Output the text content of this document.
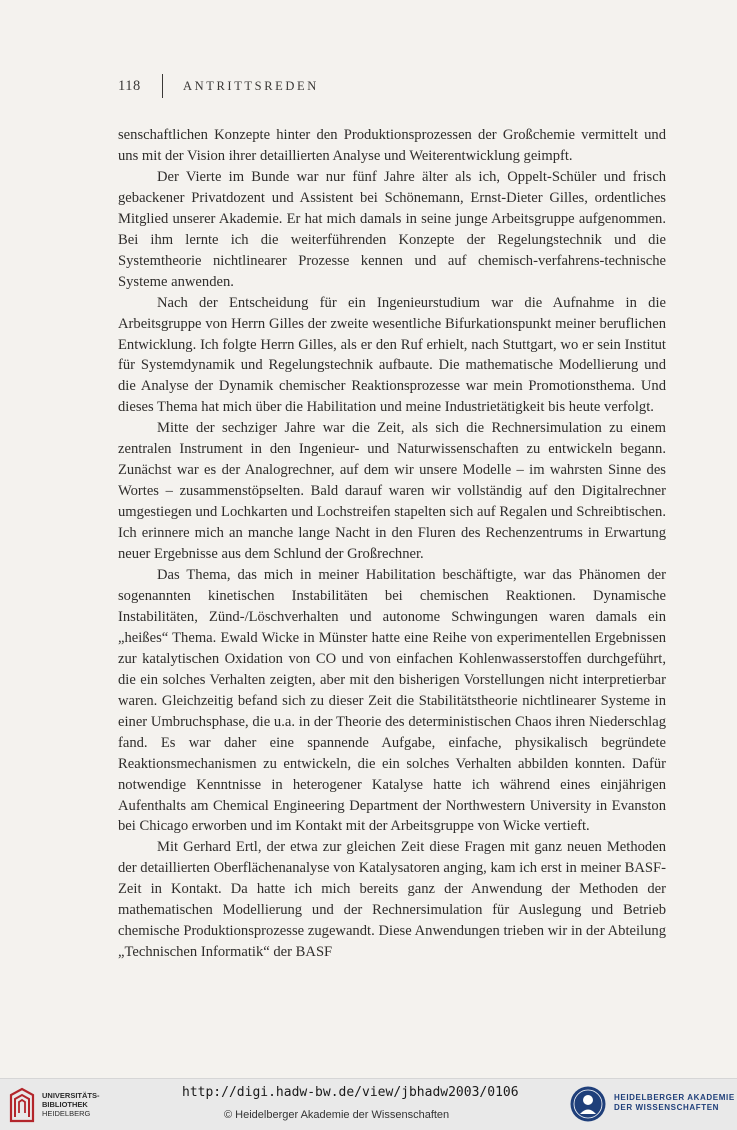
118	ANTRITTSREDEN

senschaftlichen Konzepte hinter den Produktionsprozessen der Großchemie vermittelt und uns mit der Vision ihrer detaillierten Analyse und Weiterentwicklung geimpft.

Der Vierte im Bunde war nur fünf Jahre älter als ich, Oppelt-Schüler und frisch gebackener Privatdozent und Assistent bei Schönemann, Ernst-Dieter Gilles, ordentliches Mitglied unserer Akademie. Er hat mich damals in seine junge Arbeitsgruppe aufgenommen. Bei ihm lernte ich die weiterführenden Konzepte der Regelungstechnik und die Systemtheorie nichtlinearer Prozesse kennen und auf chemisch-verfahrens-technische Systeme anwenden.

Nach der Entscheidung für ein Ingenieurstudium war die Aufnahme in die Arbeitsgruppe von Herrn Gilles der zweite wesentliche Bifurkationspunkt meiner beruflichen Entwicklung. Ich folgte Herrn Gilles, als er den Ruf erhielt, nach Stuttgart, wo er sein Institut für Systemdynamik und Regelungstechnik aufbaute. Die mathematische Modellierung und die Analyse der Dynamik chemischer Reaktionsprozesse war mein Promotionsthema. Und dieses Thema hat mich über die Habilitation und meine Industrietätigkeit bis heute verfolgt.

Mitte der sechziger Jahre war die Zeit, als sich die Rechnersimulation zu einem zentralen Instrument in den Ingenieur- und Naturwissenschaften zu entwickeln begann. Zunächst war es der Analogrechner, auf dem wir unsere Modelle – im wahrsten Sinne des Wortes – zusammenstöpselten. Bald darauf waren wir vollständig auf den Digitalrechner umgestiegen und Lochkarten und Lochstreifen stapelten sich auf Regalen und Schreibtischen. Ich erinnere mich an manche lange Nacht in den Fluren des Rechenzentrums in Erwartung neuer Ergebnisse aus dem Schlund der Großrechner.

Das Thema, das mich in meiner Habilitation beschäftigte, war das Phänomen der sogenannten kinetischen Instabilitäten bei chemischen Reaktionen. Dynamische Instabilitäten, Zünd-/Löschverhalten und autonome Schwingungen waren damals ein „heißes“ Thema. Ewald Wicke in Münster hatte eine Reihe von experimentellen Ergebnissen zur katalytischen Oxidation von CO und von einfachen Kohlenwasserstoffen durchgeführt, die ein solches Verhalten zeigten, aber mit den bisherigen Vorstellungen nicht interpretierbar waren. Gleichzeitig befand sich zu dieser Zeit die Stabilitätstheorie nichtlinearer Systeme in einer Umbruchsphase, die u.a. in der Theorie des deterministischen Chaos ihren Niederschlag fand. Es war daher eine spannende Aufgabe, einfache, physikalisch begründete Reaktionsmechanismen zu entwickeln, die ein solches Verhalten abbilden konnten. Dafür notwendige Kenntnisse in heterogener Katalyse hatte ich während eines einjährigen Aufenthalts am Chemical Engineering Department der Northwestern University in Evanston bei Chicago erworben und im Kontakt mit der Arbeitsgruppe von Wicke vertieft.

Mit Gerhard Ertl, der etwa zur gleichen Zeit diese Fragen mit ganz neuen Methoden der detaillierten Oberflächenanalyse von Katalysatoren anging, kam ich erst in meiner BASF-Zeit in Kontakt. Da hatte ich mich bereits ganz der Anwendung der Methoden der mathematischen Modellierung und der Rechnersimulation für Auslegung und Betrieb chemische Produktionsprozesse zugewandt. Diese Anwendungen trieben wir in der Abteilung „Technischen Informatik“ der BASF

UNIVERSITÄTS-
BIBLIOTHEK
HEIDELBERG
http://digi.hadw-bw.de/view/jbhadw2003/0106
© Heidelberger Akademie der Wissenschaften
HEIDELBERGER AKADEMIE
DER WISSENSCHAFTEN
